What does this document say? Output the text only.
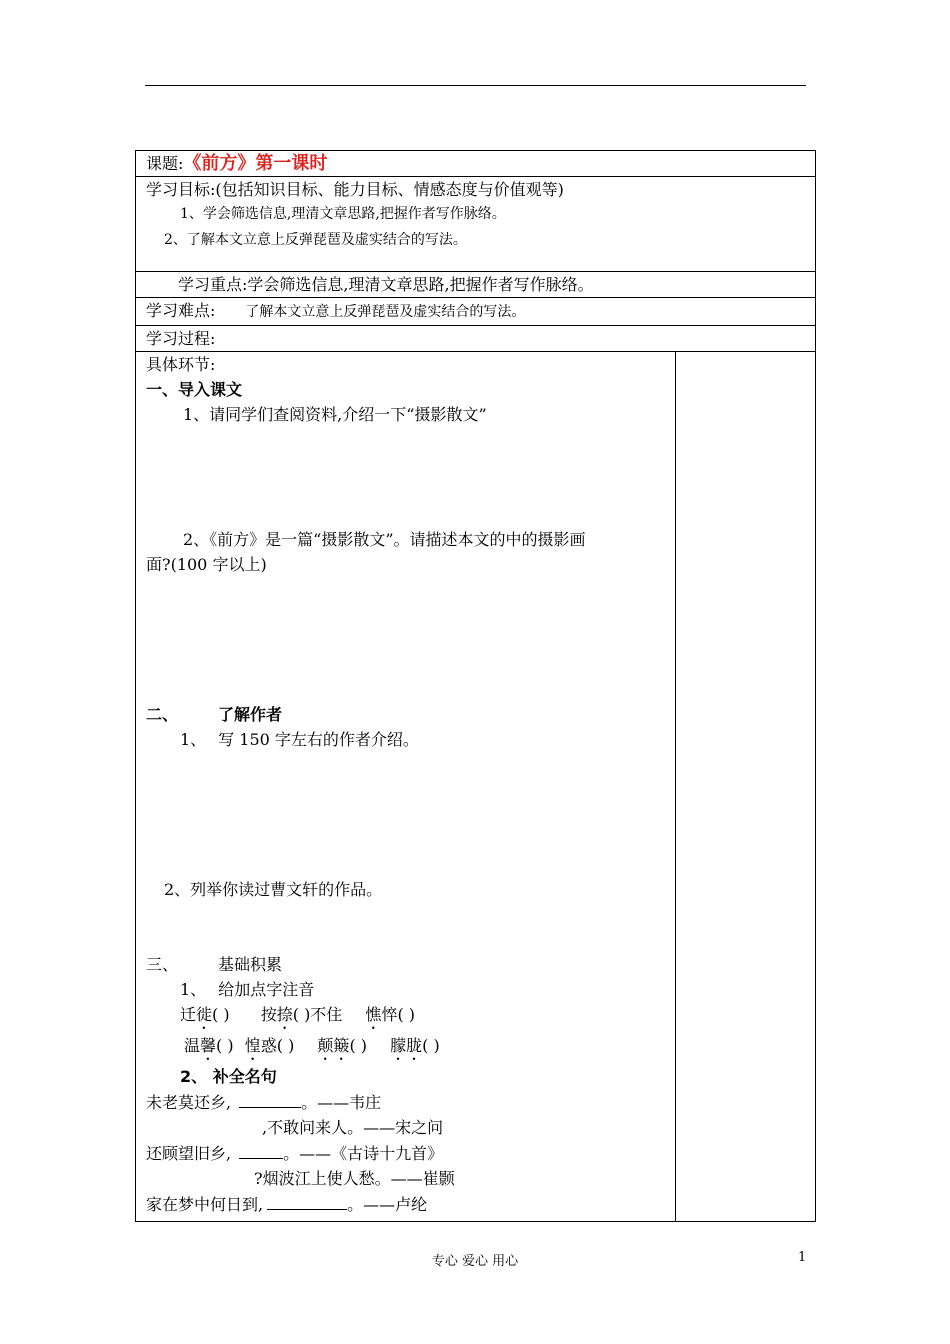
课题:《前方》第一课时

学习目标:(包括知识目标、能力目标、情感态度与价值观等)
1、学会筛选信息,理清文章思路,把握作者写作脉络。
2、了解本文立意上反弹琵琶及虚实结合的写法。

学习重点:学会筛选信息,理清文章思路,把握作者写作脉络。
学习难点: 了解本文立意上反弹琵琶及虚实结合的写法。
学习过程:

具体环节:
一、导入课文
1、请同学们查阅资料,介绍一下“摄影散文”
2、《前方》是一篇“摄影散文”。请描述本文的中的摄影画
面?(100 字以上)
二、	了解作者
1、 写 150 字左右的作者介绍。
2、列举你读过曹文轩的作品。
三、	基础积累
1、 给加点字注音
迁徙( ) 按捺( )不住 憔悴( )
温馨( ) 惶惑( ) 颠簸( ) 朦胧( )
2、 补全名句
未老莫还乡,	。——韦庄
,不敢问来人。——宋之问
还顾望旧乡,	。——《古诗十九首》
?烟波江上使人愁。——崔颢
家在梦中何日到,	。——卢纶

专心 爱心 用心	1
